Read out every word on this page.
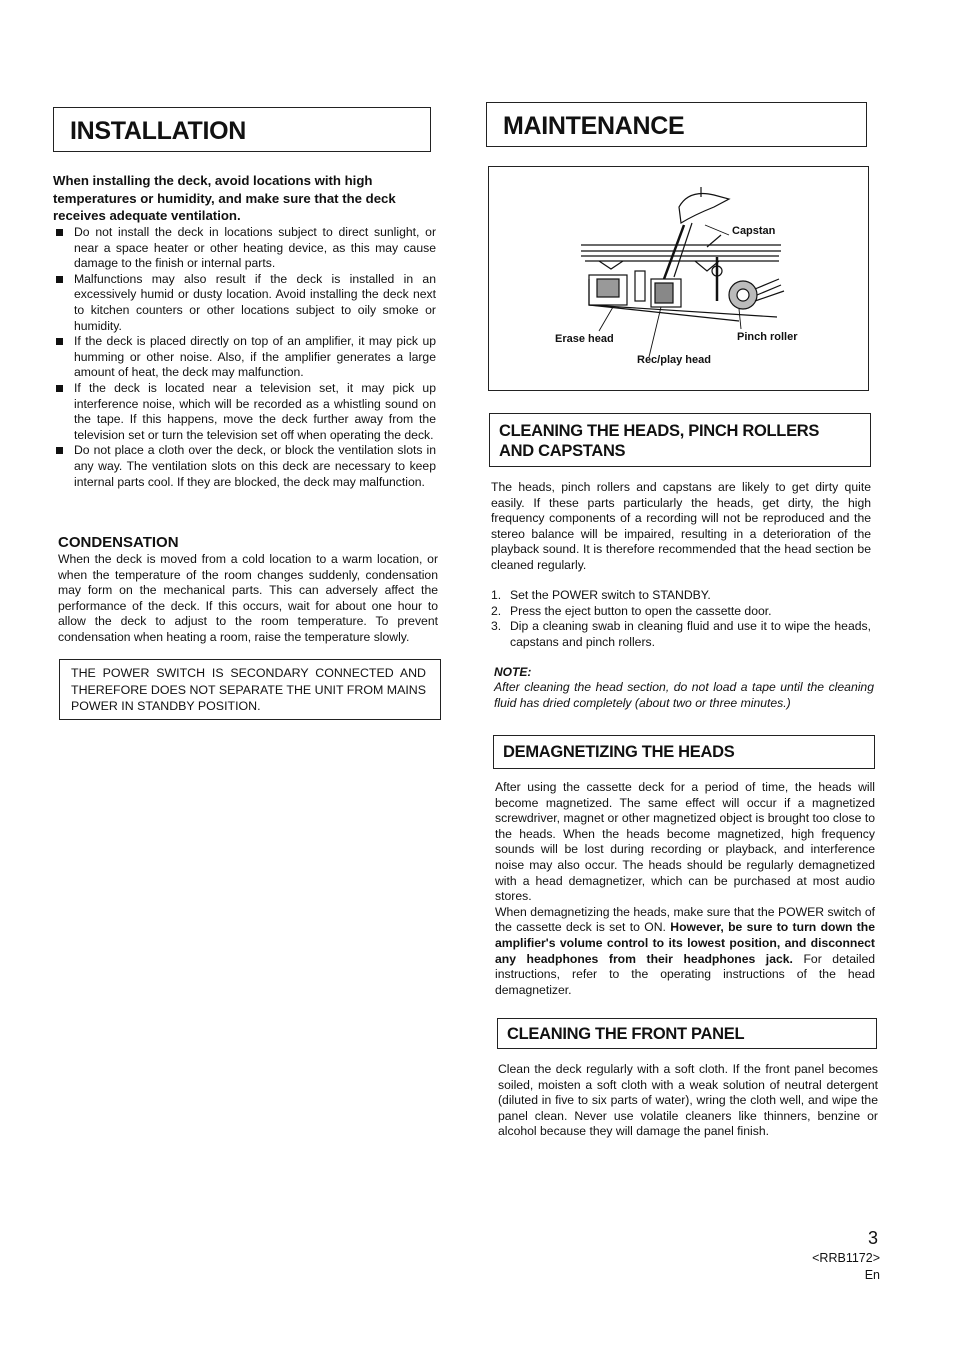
INSTALLATION	MAINTENANCE

When installing the deck, avoid locations with high temperatures or humidity, and make sure that the deck receives adequate ventilation.

Do not install the deck in locations subject to direct sunlight, or near a space heater or other heating device, as this may cause damage to the finish or internal parts.
Malfunctions may also result if the deck is installed in an excessively humid or dusty location. Avoid installing the deck next to kitchen counters or other locations subject to oily smoke or humidity.
If the deck is placed directly on top of an amplifier, it may pick up humming or other noise. Also, if the amplifier generates a large amount of heat, the deck may malfunction.
If the deck is located near a television set, it may pick up interference noise, which will be recorded as a whistling sound on the tape. If this happens, move the deck further away from the television set or turn the television set off when operating the deck.
Do not place a cloth over the deck, or block the ventilation slots in any way. The ventilation slots on this deck are necessary to keep internal parts cool. If they are blocked, the deck may malfunction.
CONDENSATION

When the deck is moved from a cold location to a warm location, or when the temperature of the room changes suddenly, condensation may form on the mechanical parts. This can adversely affect the performance of the deck. If this occurs, wait for about one hour to allow the deck to adjust to the room temperature. To prevent condensation when heating a room, raise the temperature slowly.

THE POWER SWITCH IS SECONDARY CONNECTED AND THEREFORE DOES NOT SEPARATE THE UNIT FROM MAINS POWER IN STANDBY POSITION.

Capstan
Erase head	Pinch roller
Rec/play head
CLEANING THE HEADS, PINCH ROLLERS
AND CAPSTANS

The heads, pinch rollers and capstans are likely to get dirty quite easily. If these parts particularly the heads, get dirty, the high frequency components of a recording will not be reproduced and the stereo balance will be impaired, resulting in a deterioration of the playback sound. It is therefore recommended that the head section be cleaned regularly.

1. Set the POWER switch to STANDBY.
2. Press the eject button to open the cassette door.
3. Dip a cleaning swab in cleaning fluid and use it to wipe the heads, capstans and pinch rollers.
NOTE:

After cleaning the head section, do not load a tape until the cleaning fluid has dried completely (about two or three minutes.)

DEMAGNETIZING THE HEADS

After using the cassette deck for a period of time, the heads will become magnetized. The same effect will occur if a magnetized screwdriver, magnet or other magnetized object is brought too close to the heads. When the heads become magnetized, high frequency sounds will be lost during recording or playback, and interference noise may also occur. The heads should be regularly demagnetized with a head demagnetizer, which can be purchased at most audio stores.

When demagnetizing the heads, make sure that the POWER switch of the cassette deck is set to ON. However, be sure to turn down the amplifier's volume control to its lowest position, and disconnect any headphones from their headphones jack. For detailed instructions, refer to the operating instructions of the head demagnetizer.

CLEANING THE FRONT PANEL

Clean the deck regularly with a soft cloth. If the front panel becomes soiled, moisten a soft cloth with a weak solution of neutral detergent (diluted in five to six parts of water), wring the cloth well, and wipe the panel clean. Never use volatile cleaners like thinners, benzine or alcohol because they will damage the panel finish.

3
<RRB1172>
En
